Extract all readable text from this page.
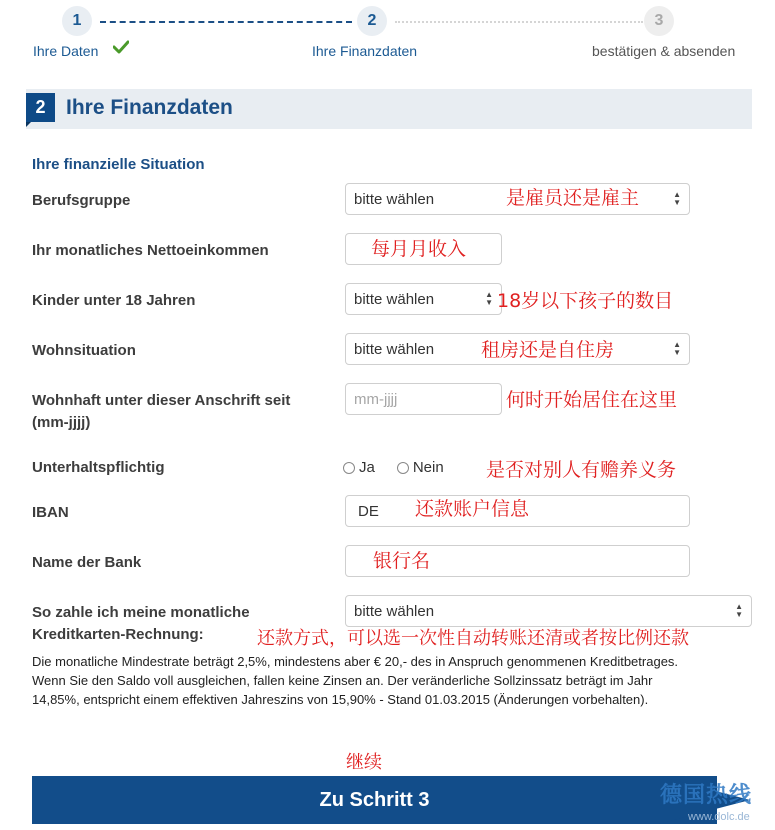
1	2	3
Ihre Daten	Ihre Finanzdaten	bestätigen & absenden
2 Ihre Finanzdaten
Ihre finanzielle Situation
Berufsgruppe	bitte wählen	▲
▼
是雇员还是雇主
Ihr monatliches Nettoeinkommen	每月月收入
Kinder unter 18 Jahren	bitte wählen	▲
▼ 18岁以下孩子的数目
Wohnsituation	bitte wählen	▲
▼
租房还是自住房
Wohnhaft unter dieser Anschrift seit
(mm-jjjj)
mm-jjjj	何时开始居住在这里
Unterhaltspflichtig	Ja	Nein 是否对别人有赡养义务
IBAN	DE	还款账户信息
Name der Bank	银行名
So zahle ich meine monatliche
Kreditkarten-Rechnung:
bitte wählen	▲
▼
还款方式，可以选一次性自动转账还清或者按比例还款
Die monatliche Mindestrate beträgt 2,5%, mindestens aber € 20,- des in Anspruch genommenen Kreditbetrages.
Wenn Sie den Saldo voll ausgleichen, fallen keine Zinsen an. Der veränderliche Sollzinssatz beträgt im Jahr
14,85%, entspricht einem effektiven Jahreszins von 15,90% - Stand 01.03.2015 (Änderungen vorbehalten).
继续
Zu Schritt 3	德国热线
www.dolc.de
